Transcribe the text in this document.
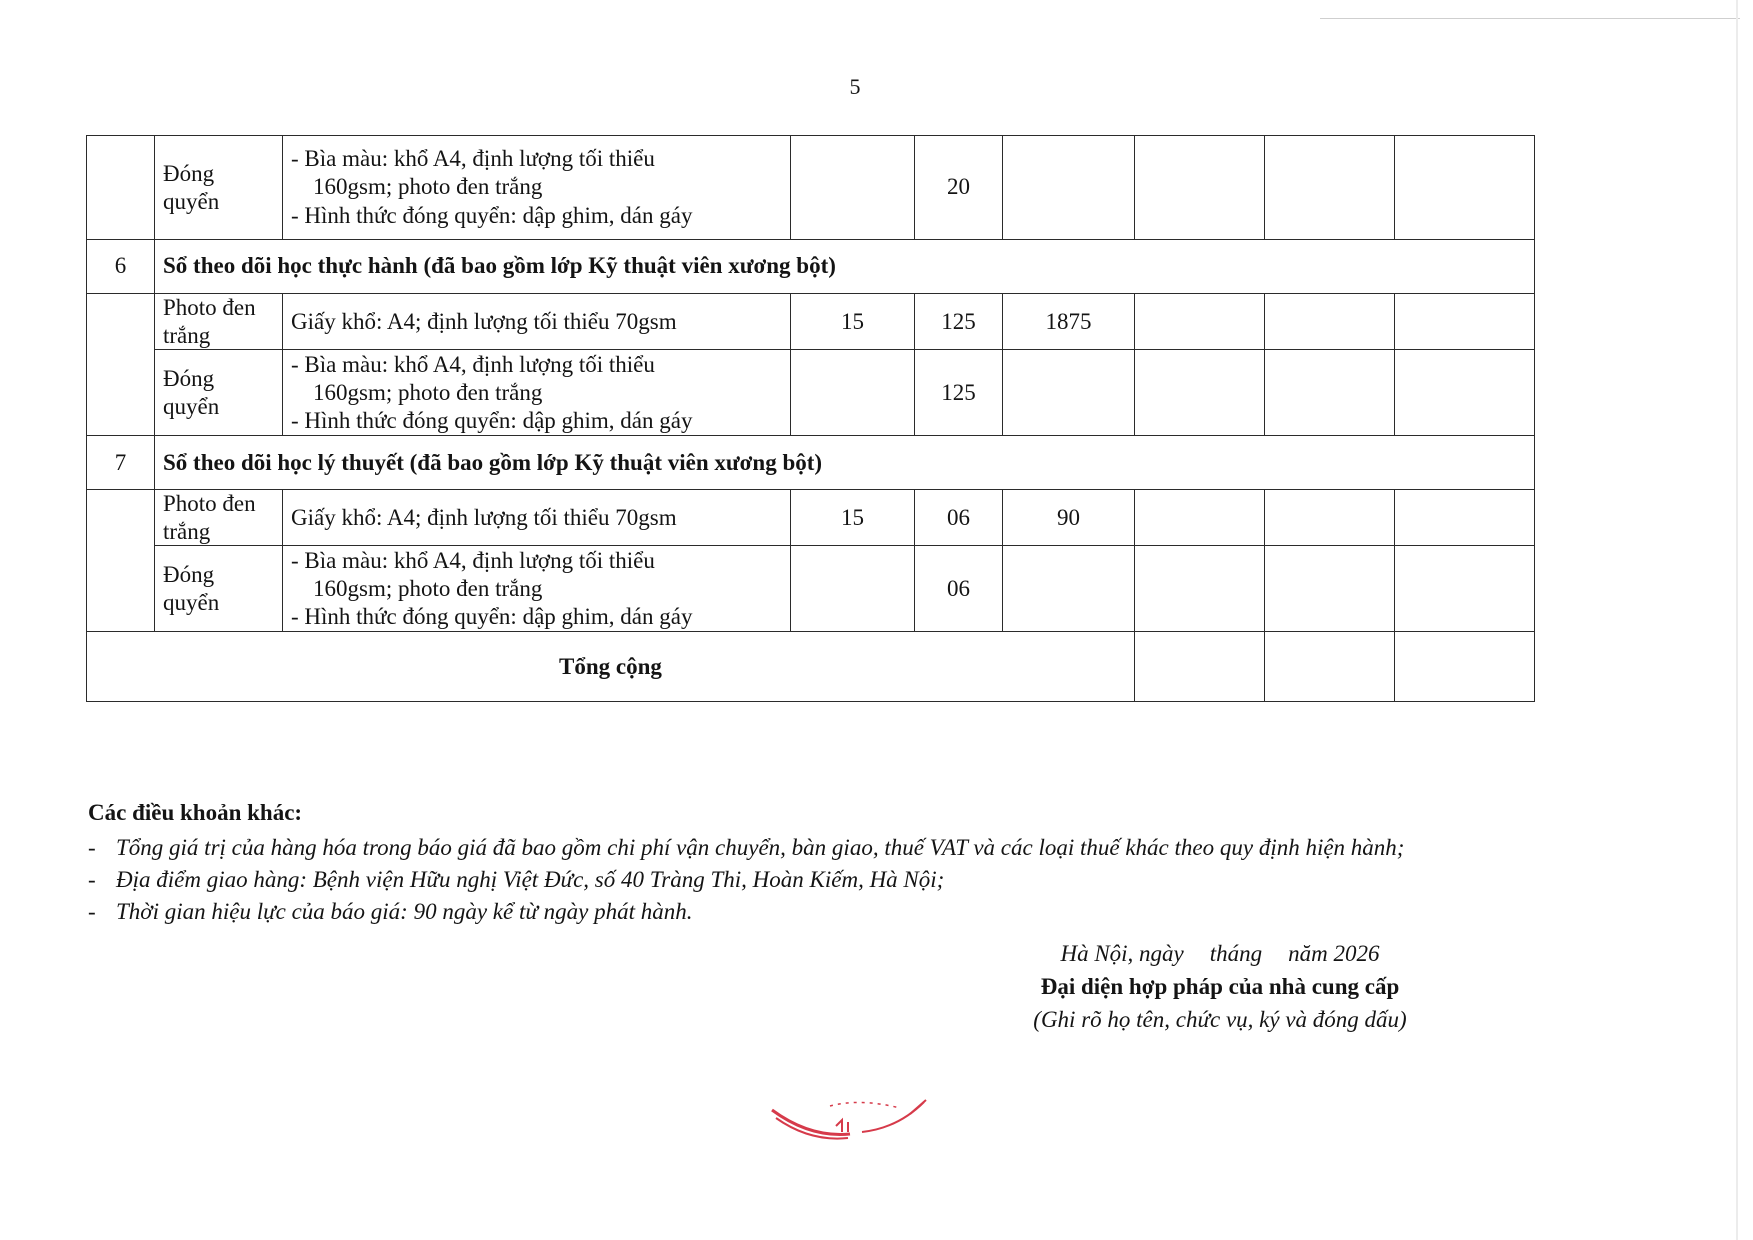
5
	Đóng quyển	- Bìa màu: khổ A4, định lượng tối thiểu
160gsm; photo đen trắng
- Hình thức đóng quyển: dập ghim, dán gáy		20				
6	Sổ theo dõi học thực hành (đã bao gồm lớp Kỹ thuật viên xương bột)							
	Photo đen trắng	Giấy khổ: A4; định lượng tối thiểu 70gsm	15	125	1875			
	Đóng quyển	- Bìa màu: khổ A4, định lượng tối thiểu
160gsm; photo đen trắng
- Hình thức đóng quyển: dập ghim, dán gáy		125				
7	Sổ theo dõi học lý thuyết (đã bao gồm lớp Kỹ thuật viên xương bột)							
	Photo đen trắng	Giấy khổ: A4; định lượng tối thiểu 70gsm	15	06	90			
	Đóng quyển	- Bìa màu: khổ A4, định lượng tối thiểu
160gsm; photo đen trắng
- Hình thức đóng quyển: dập ghim, dán gáy		06				
Tổng cộng								
Các điều khoản khác:
- Tổng giá trị của hàng hóa trong báo giá đã bao gồm chi phí vận chuyển, bàn giao, thuế VAT và các loại thuế khác theo quy định hiện hành;
- Địa điểm giao hàng: Bệnh viện Hữu nghị Việt Đức, số 40 Tràng Thi, Hoàn Kiếm, Hà Nội;
- Thời gian hiệu lực của báo giá: 90 ngày kể từ ngày phát hành.
Hà Nội, ngày tháng năm 2026
Đại diện hợp pháp của nhà cung cấp
(Ghi rõ họ tên, chức vụ, ký và đóng dấu)
